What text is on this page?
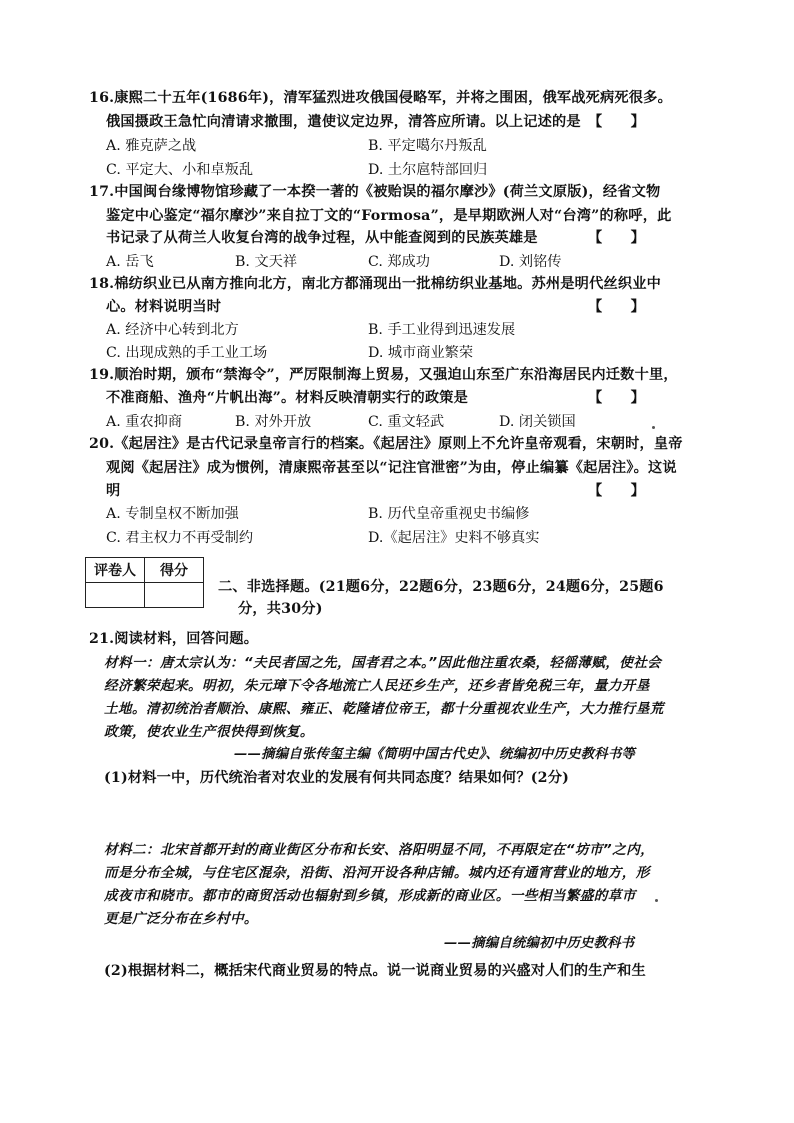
16.康熙二十五年(1686年)，清军猛烈进攻俄国侵略军，并将之围困，俄军战死病死很多。
俄国摄政王急忙向清请求撤围，遣使议定边界，清答应所请。以上记述的是 【　　】
A. 雅克萨之战	B. 平定噶尔丹叛乱
C. 平定大、小和卓叛乱	D. 土尔扈特部回归
17.中国闽台缘博物馆珍藏了一本揆一著的《被贻误的福尔摩沙》(荷兰文原版)，经省文物
鉴定中心鉴定“福尔摩沙”来自拉丁文的“Formosa”，是早期欧洲人对“台湾”的称呼，此
书记录了从荷兰人收复台湾的战争过程，从中能查阅到的民族英雄是	【　　】
A. 岳飞	B. 文天祥	C. 郑成功	D. 刘铭传
18.棉纺织业已从南方推向北方，南北方都涌现出一批棉纺织业基地。苏州是明代丝织业中
心。材料说明当时	【　　】
A. 经济中心转到北方	B. 手工业得到迅速发展
C. 出现成熟的手工业工场	D. 城市商业繁荣
19.顺治时期，颁布“禁海令”，严厉限制海上贸易，又强迫山东至广东沿海居民内迁数十里，
不准商船、渔舟“片帆出海”。材料反映清朝实行的政策是	【　　】
A. 重农抑商	B. 对外开放	C. 重文轻武	D. 闭关锁国
20.《起居注》是古代记录皇帝言行的档案。《起居注》原则上不允许皇帝观看，宋朝时，皇帝
观阅《起居注》成为惯例，清康熙帝甚至以“记注官泄密”为由，停止编纂《起居注》。这说
明	【　　】
A. 专制皇权不断加强	B. 历代皇帝重视史书编修
C. 君主权力不再受制约	D.《起居注》史料不够真实
评卷人	得分

二、非选择题。(21题6分，22题6分，23题6分，24题6分，25题6
分，共30分)
21.阅读材料，回答问题。
材料一：唐太宗认为：“夫民者国之先，国者君之本。”因此他注重农桑，轻徭薄赋，使社会
经济繁荣起来。明初，朱元璋下令各地流亡人民还乡生产，还乡者皆免税三年，量力开垦
土地。清初统治者顺治、康熙、雍正、乾隆诸位帝王，都十分重视农业生产，大力推行垦荒
政策，使农业生产很快得到恢复。
——摘编自张传玺主编《简明中国古代史》、统编初中历史教科书等
(1)材料一中，历代统治者对农业的发展有何共同态度？结果如何？(2分)
材料二：北宋首都开封的商业街区分布和长安、洛阳明显不同，不再限定在“坊市”之内，
而是分布全城，与住宅区混杂，沿街、沿河开设各种店铺。城内还有通宵营业的地方，形
成夜市和晓市。都市的商贸活动也辐射到乡镇，形成新的商业区。一些相当繁盛的草市
更是广泛分布在乡村中。
——摘编自统编初中历史教科书
(2)根据材料二，概括宋代商业贸易的特点。说一说商业贸易的兴盛对人们的生产和生
